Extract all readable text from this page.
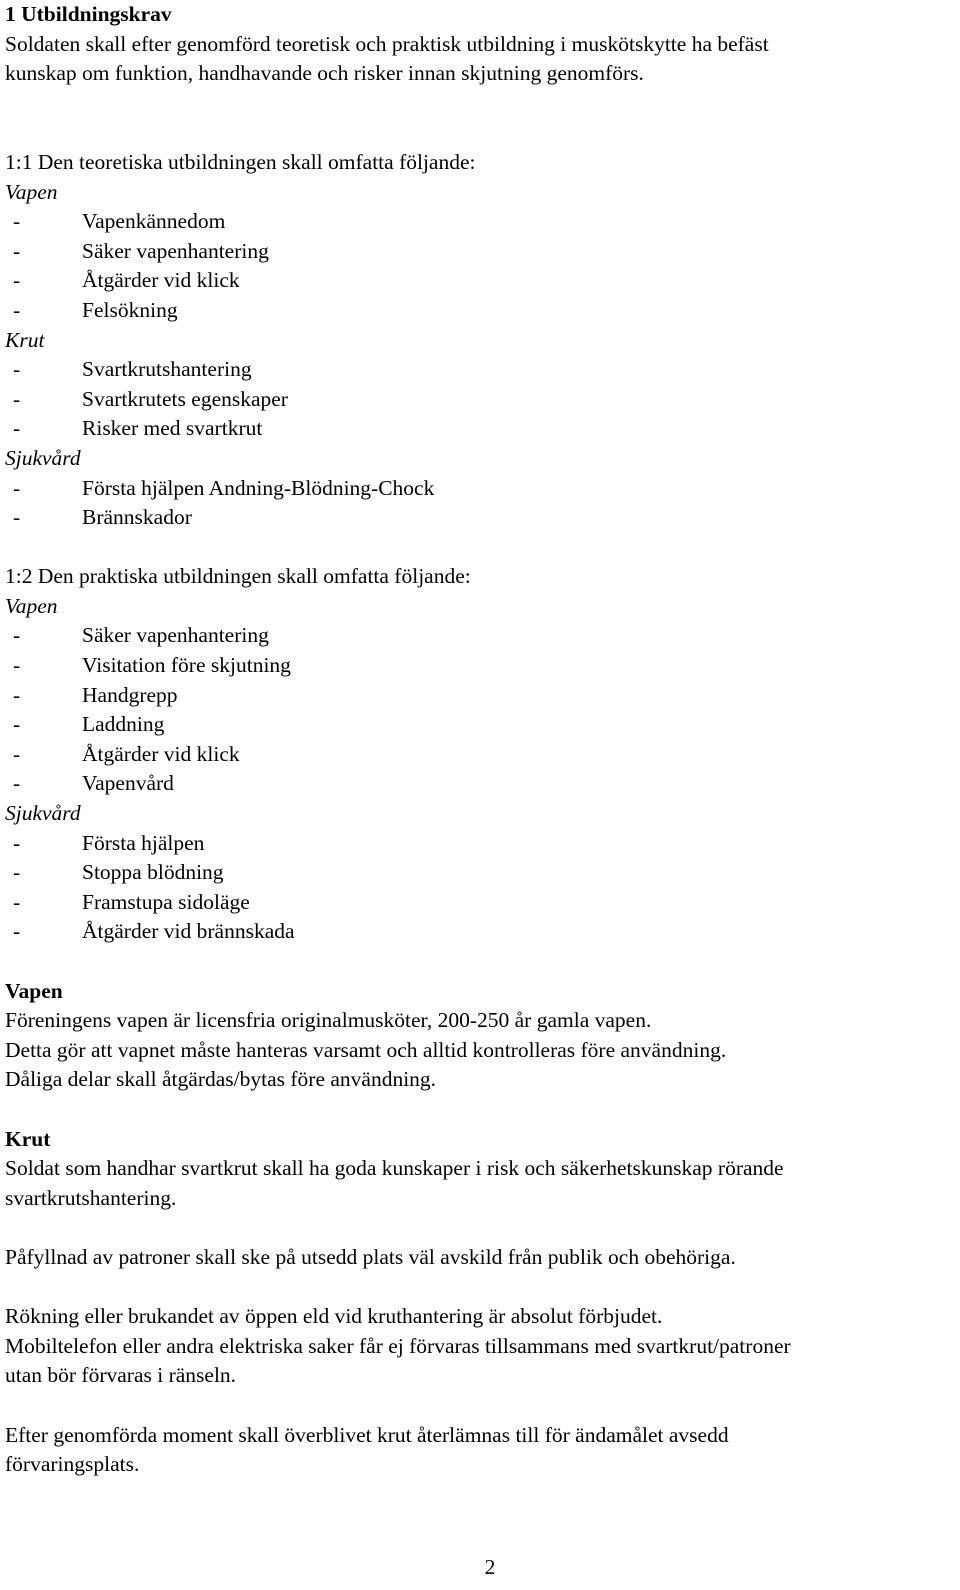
1 Utbildningskrav
Soldaten skall efter genomförd teoretisk och praktisk utbildning i muskötskytte ha befäst
kunskap om funktion, handhavande och risker innan skjutning genomförs.
1:1 Den teoretiska utbildningen skall omfatta följande:
Vapen
-	Vapenkännedom
-	Säker vapenhantering
-	Åtgärder vid klick
-	Felsökning
Krut
-	Svartkrutshantering
-	Svartkrutets egenskaper
-	Risker med svartkrut
Sjukvård
-	Första hjälpen Andning-Blödning-Chock
-	Brännskador
1:2 Den praktiska utbildningen skall omfatta följande:
Vapen
-	Säker vapenhantering
-	Visitation före skjutning
-	Handgrepp
-	Laddning
-	Åtgärder vid klick
-	Vapenvård
Sjukvård
-	Första hjälpen
-	Stoppa blödning
-	Framstupa sidoläge
-	Åtgärder vid brännskada
Vapen
Föreningens vapen är licensfria originalmusköter, 200-250 år gamla vapen.
Detta gör att vapnet måste hanteras varsamt och alltid kontrolleras före användning.
Dåliga delar skall åtgärdas/bytas före användning.
Krut
Soldat som handhar svartkrut skall ha goda kunskaper i risk och säkerhetskunskap rörande
svartkrutshantering.
Påfyllnad av patroner skall ske på utsedd plats väl avskild från publik och obehöriga.
Rökning eller brukandet av öppen eld vid kruthantering är absolut förbjudet.
Mobiltelefon eller andra elektriska saker får ej förvaras tillsammans med svartkrut/patroner
utan bör förvaras i ränseln.
Efter genomförda moment skall överblivet krut återlämnas till för ändamålet avsedd
förvaringsplats.
2
